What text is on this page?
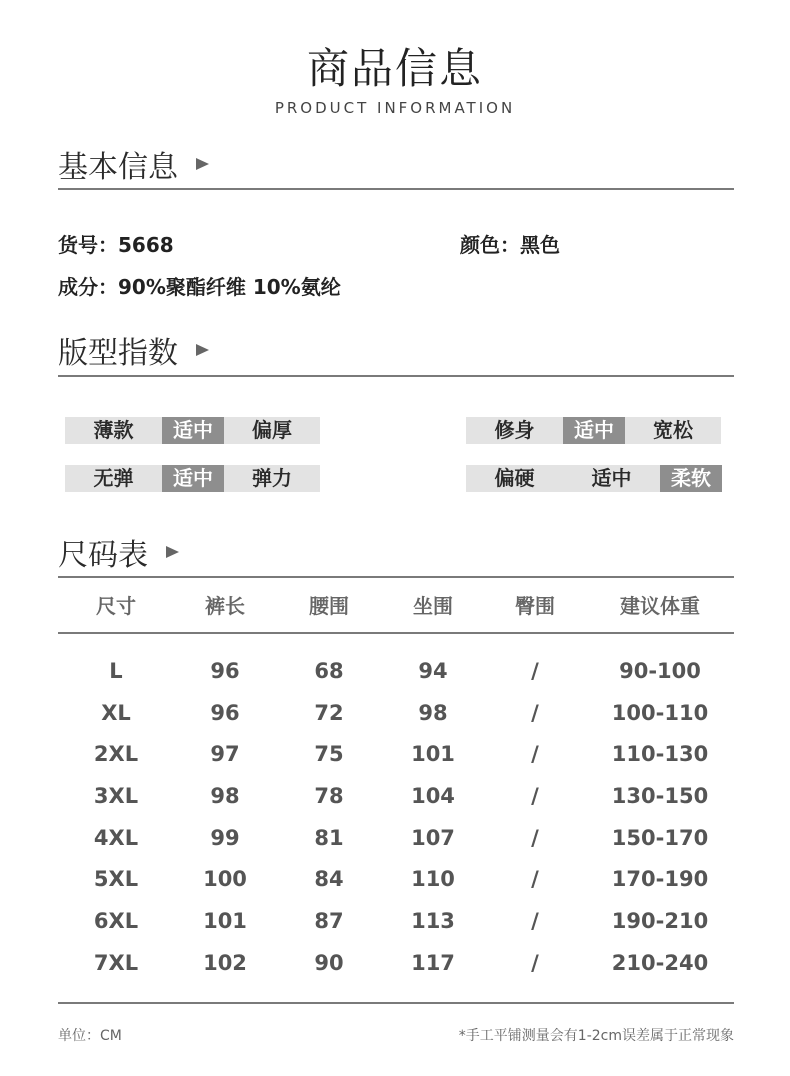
商品信息
PRODUCT INFORMATION
基本信息
货号：5668	颜色：黑色
成分：90%聚酯纤维 10%氨纶
版型指数
薄款	适中	偏厚	修身	适中	宽松
无弹	适中	弹力	偏硬	适中	柔软
尺码表
尺寸	裤长	腰围	坐围	臀围	建议体重
L	96	68	94	/	90-100
XL	96	72	98	/	100-110
2XL	97	75	101	/	110-130
3XL	98	78	104	/	130-150
4XL	99	81	107	/	150-170
5XL	100	84	110	/	170-190
6XL	101	87	113	/	190-210
7XL	102	90	117	/	210-240
单位：CM	*手工平铺测量会有1-2cm误差属于正常现象
